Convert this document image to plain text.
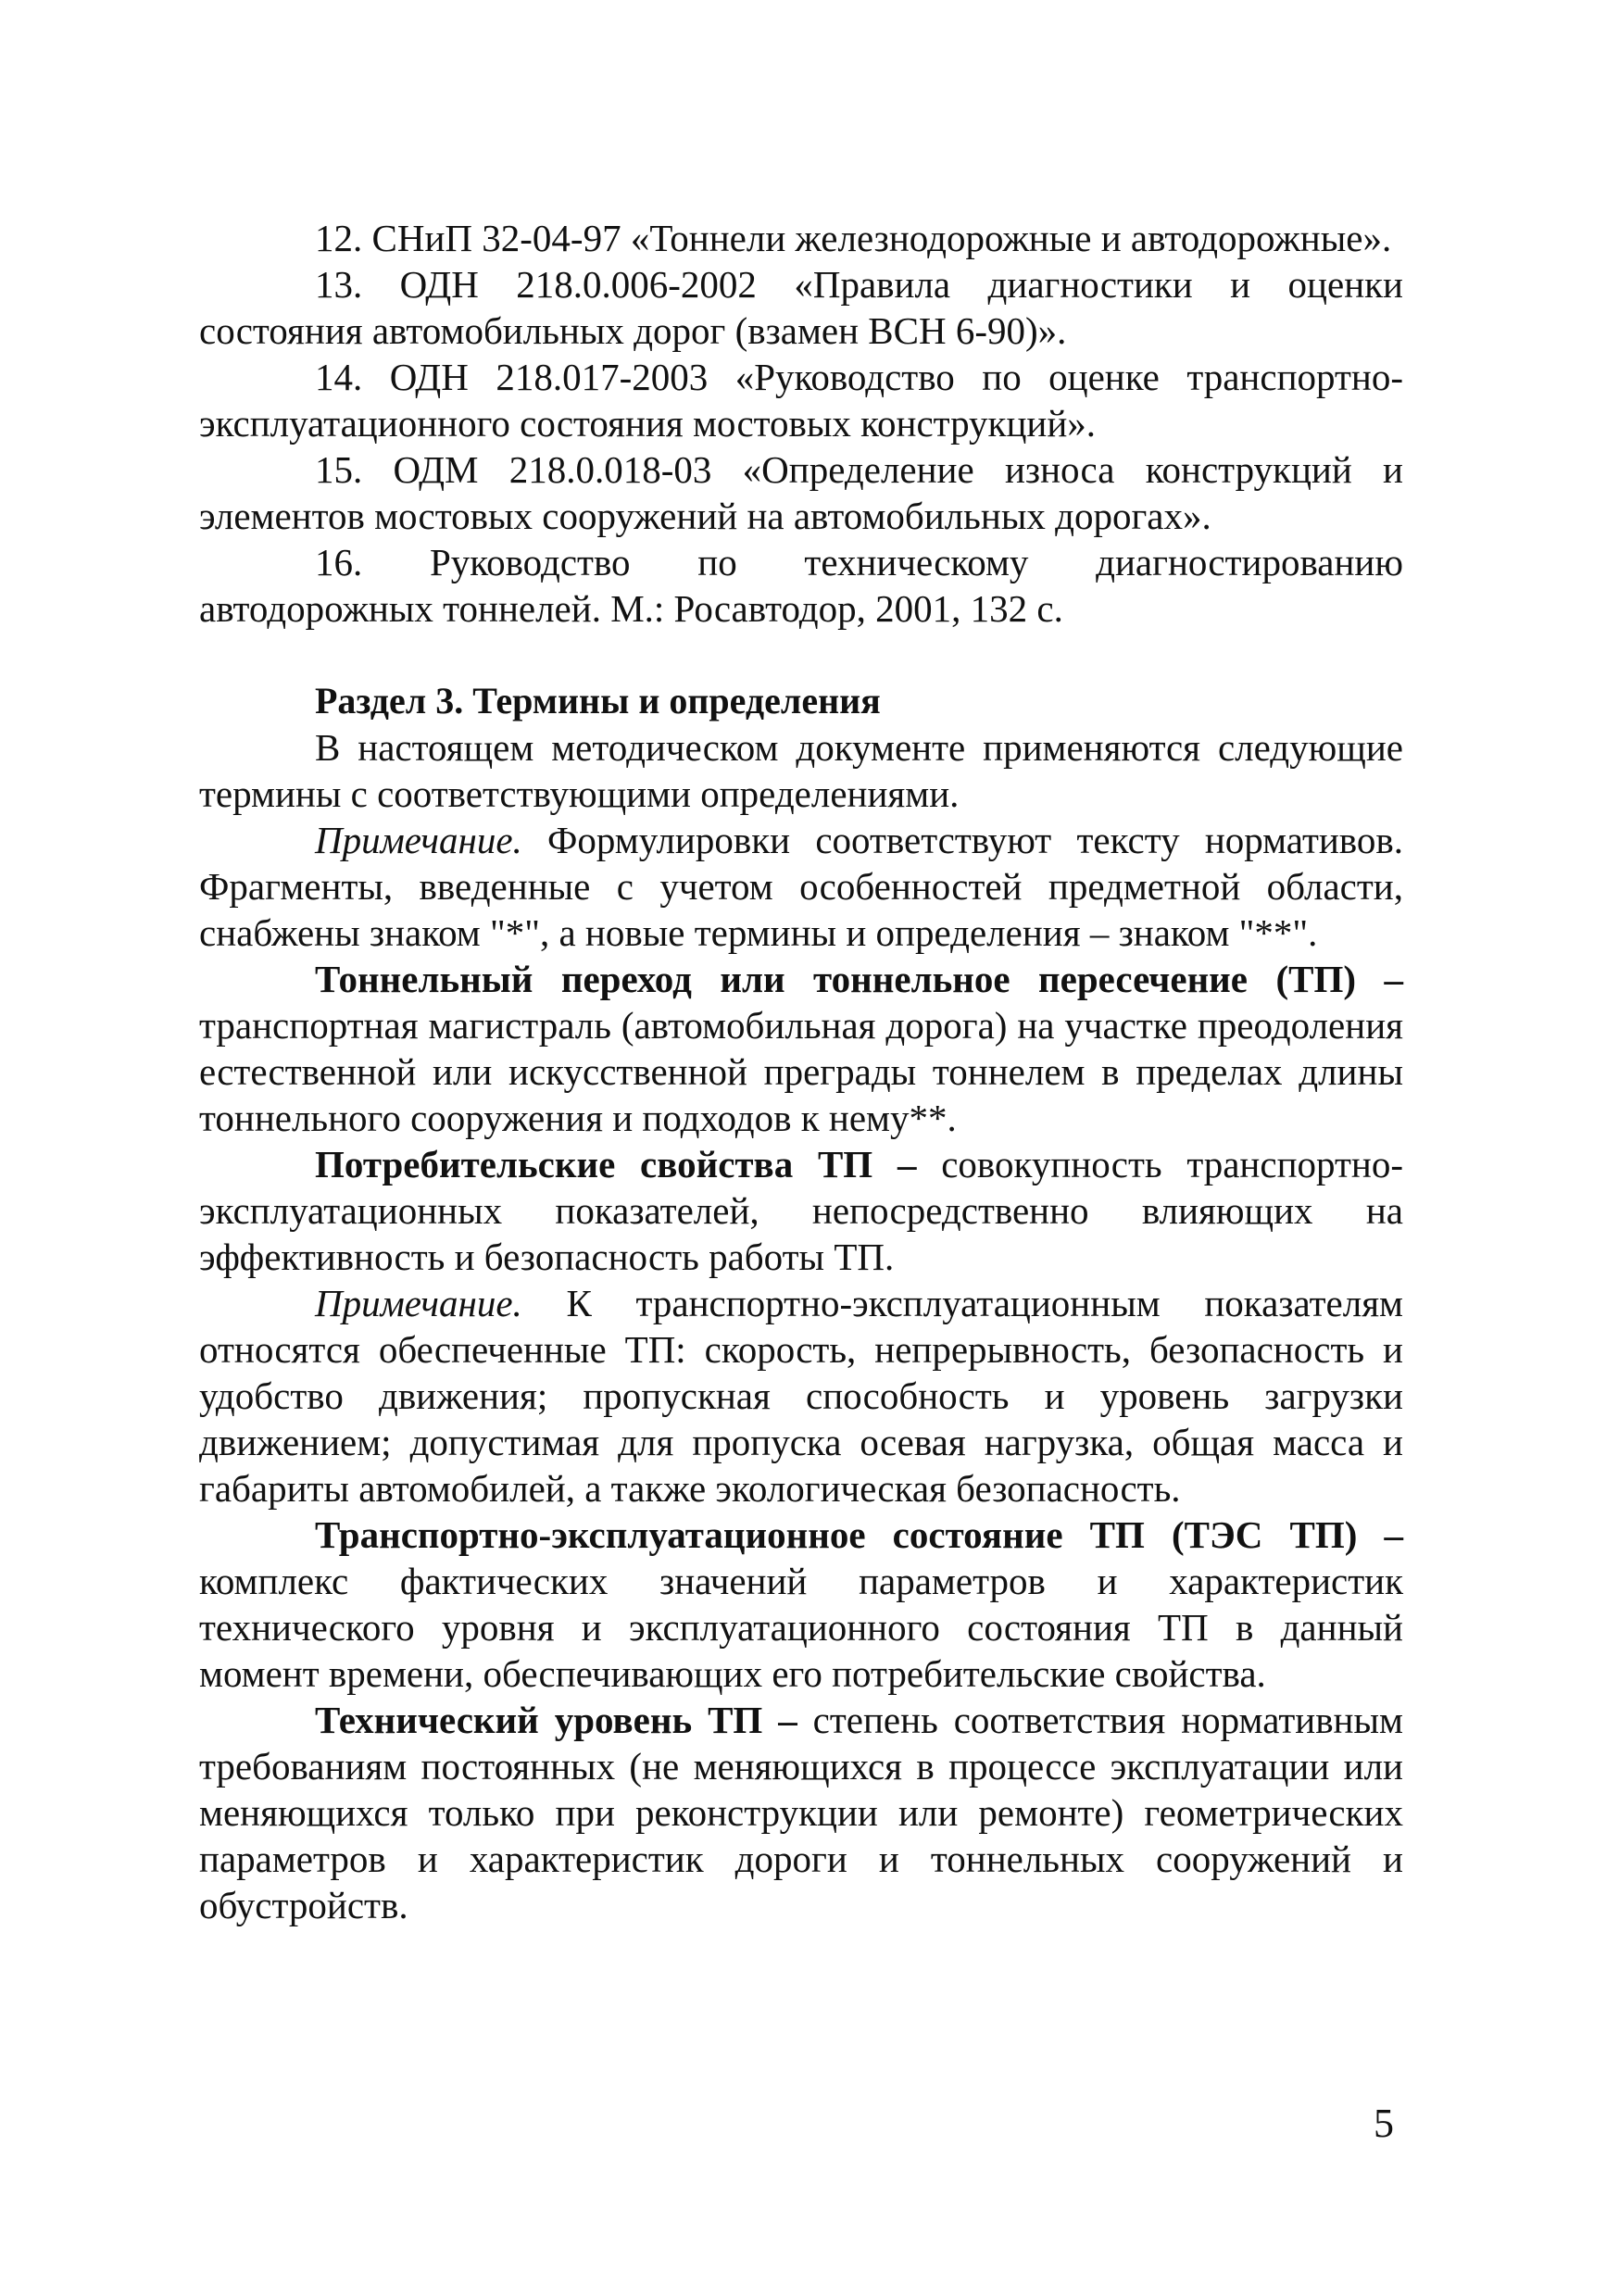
12. СНиП 32-04-97 «Тоннели железнодорожные и автодорожные».

13. ОДН 218.0.006-2002 «Правила диагностики и оценки состояния автомобильных дорог (взамен ВСН 6-90)».

14. ОДН 218.017-2003 «Руководство по оценке транспортно-эксплуатационного состояния мостовых конструкций».

15. ОДМ 218.0.018-03 «Определение износа конструкций и элементов мостовых сооружений на автомобильных дорогах».

16. Руководство по техническому диагностированию автодорожных тоннелей. М.: Росавтодор, 2001, 132 с.

Раздел 3. Термины и определения

В настоящем методическом документе применяются следующие термины с соответствующими определениями.

Примечание. Формулировки соответствуют тексту нормативов. Фрагменты, введенные с учетом особенностей предметной области, снабжены знаком "*", а новые термины и определения – знаком "**".

Тоннельный переход или тоннельное пересечение (ТП) – транспортная магистраль (автомобильная дорога) на участке преодоления естественной или искусственной преграды тоннелем в пределах длины тоннельного сооружения и подходов к нему**.

Потребительские свойства ТП – совокупность транспортно-эксплуатационных показателей, непосредственно влияющих на эффективность и безопасность работы ТП.

Примечание. К транспортно-эксплуатационным показателям относятся обеспеченные ТП: скорость, непрерывность, безопасность и удобство движения; пропускная способность и уровень загрузки движением; допустимая для пропуска осевая нагрузка, общая масса и габариты автомобилей, а также экологическая безопасность.

Транспортно-эксплуатационное состояние ТП (ТЭС ТП) – комплекс фактических значений параметров и характеристик технического уровня и эксплуатационного состояния ТП в данный момент времени, обеспечивающих его потребительские свойства.

Технический уровень ТП – степень соответствия нормативным требованиям постоянных (не меняющихся в процессе эксплуатации или меняющихся только при реконструкции или ремонте) геометрических параметров и характеристик дороги и тоннельных сооружений и обустройств.

5
